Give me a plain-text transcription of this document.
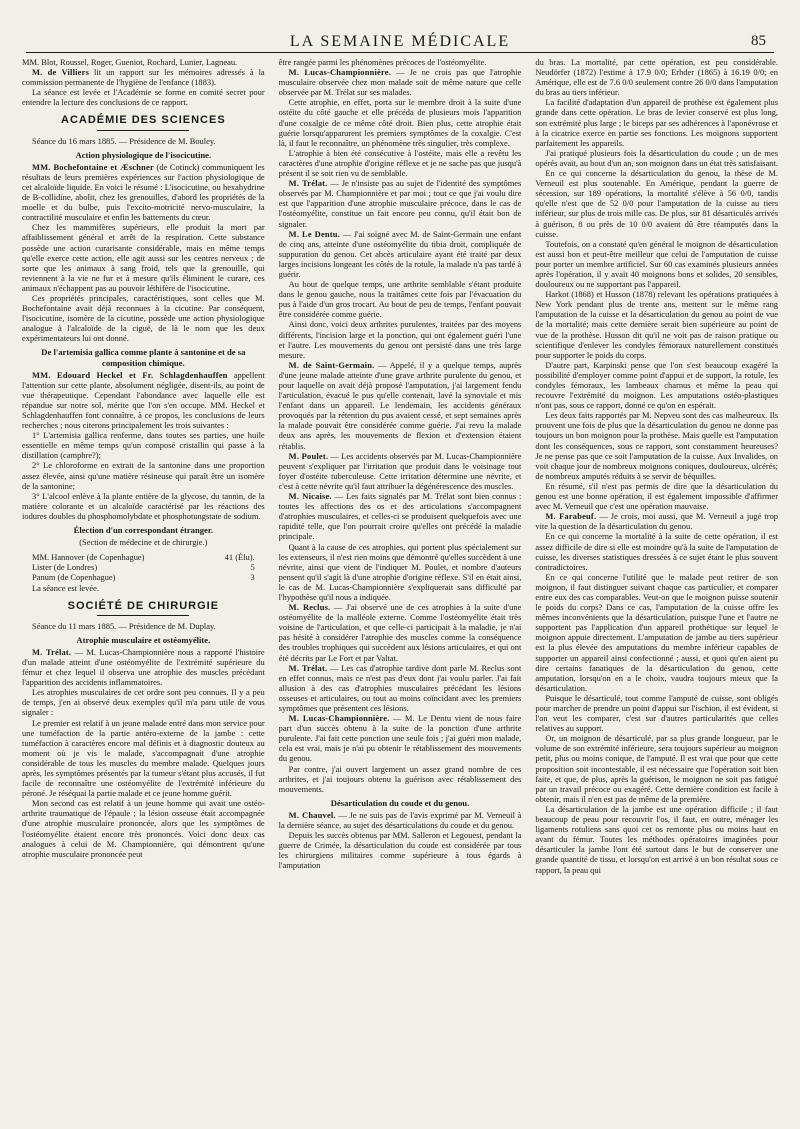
LA SEMAINE MÉDICALE	85

MM. Blot, Roussel, Roger, Gueniot, Rochard, Lunier, Lagneau.

M. de Villiers lit un rapport sur les mémoires adressés à la commission permanente de l'hygiène de l'enfance (1883).

La séance est levée et l'Académie se forme en comité secret pour entendre la lecture des conclusions de ce rapport.

ACADÉMIE DES SCIENCES

Séance du 16 mars 1885. — Présidence de M. Bouley.

Action physiologique de l'isocicutine.

MM. Bochefontaine et Æschner (de Cotinck) communiquent les résultats de leurs premières expériences sur l'action physiologique de cet alcaloïde liquide. En voici le résumé : L'isocicutine, ou hexahydrine de B-collidine, abolit, chez les grenouilles, d'abord les propriétés de la moelle et du bulbe, puis l'excito-motricité nervo-musculaire, la contractilité musculaire et enfin les battements du cœur.

Chez les mammifères supérieurs, elle produit la mort par affaiblissement général et arrêt de la respiration. Cette substance possède une action curarisante considérable, mais en même temps qu'elle exerce cette action, elle agit aussi sur les centres nerveux ; de sorte que les animaux à sang froid, tels que la grenouille, qui reviennent à la vie ne fur et à mesure qu'ils éliminent le curare, ces animaux n'échappent pas au pouvoir léthifère de l'isocicutine.

Ces propriétés principales, caractéristiques, sont celles que M. Bochefontaine avait déjà reconnues à la cicutine. Par conséquent, l'isocicutine, isomère de la cicutine, possède une action physiologique analogue à l'alcaloïde de la ciguë, de là le nom que les deux expérimentateurs lui ont donné.

De l'artemisia gallica comme plante à santonine et de sa composition chimique.

MM. Edouard Heckel et Fr. Schlagdenhauffen appellent l'attention sur cette plante, absolument négligée, disent-ils, au point de vue thérapeutique. Cependant l'abondance avec laquelle elle est répandue sur notre sol, mérite que l'on s'en occupe. MM. Heckel et Schlagdenhauffen font connaître, à ce propos, les conclusions de leurs recherches ; nous citerons principalement les trois suivantes :

1° L'artemisia gallica renferme, dans toutes ses parties, une huile essentielle en même temps qu'un composé cristallin qui passe à la distillation (camphre?);

2° Le chloroforme en extrait de la santonine dans une proportion assez élevée, ainsi qu'une matière résineuse qui paraît être un isomère de la santonine;

3° L'alcool enlève à la plante entière de la glycose, du tannin, de la matière colorante et un alcaloïde caractérisé par les réactions des iodures doubles du phosphomolybdate et phosphotungstate de sodium.

Élection d'un correspondant étranger.

(Section de médecine et de chirurgie.)

MM. Hannover (de Copenhague)	41 (Élu).
Lister (de Londres)	5
Panum (de Copenhague)	3

La séance est levée.

SOCIÉTÉ DE CHIRURGIE

Séance du 11 mars 1885. — Présidence de M. Duplay.

Atrophie musculaire et ostéomyélite.

M. Trélat. — M. Lucas-Championnière nous a rapporté l'histoire d'un malade atteint d'une ostéomyélite de l'extrémité supérieure du fémur et chez lequel il observa une atrophie des muscles précédant l'apparition des accidents inflammatoires.

Les atrophies musculaires de cet ordre sont peu connues. Il y a peu de temps, j'en ai observé deux exemples qu'il m'a paru utile de vous signaler :

Le premier est relatif à un jeune malade entré dans mon service pour une tuméfaction de la partie antéro-externe de la jambe : cette tuméfaction à caractères encore mal définis et à diagnostic douteux au moment où je vis le malade, s'accompagnait d'une atrophie considérable de tous les muscles du membre malade. Quelques jours après, les symptômes présentés par la tumeur s'étant plus accusés, il fut facile de reconnaître une ostéomyélite de l'extrémité inférieure du péroné. Je réséquai la partie malade et ce jeune homme guérit.

Mon second cas est relatif à un jeune homme qui avait une ostéo-arthrite traumatique de l'épaule ; la lésion osseuse était accompagnée d'une atrophie musculaire prononcée, alors que les symptômes de l'ostéomyélite étaient encore très prononcés. Voici donc deux cas analogues à celui de M. Championnière, qui démontrent qu'une atrophie musculaire prononcée peut

être rangée parmi les phénomènes précoces de l'ostéomyélite.

M. Lucas-Championnière. — Je ne crois pas que l'atrophie musculaire observée chez mon malade soit de même nature que celle observée par M. Trélat sur ses malades.

Cette atrophie, en effet, porta sur le membre droit à la suite d'une ostéite du côté gauche et elle précéda de plusieurs mois l'apparition d'une coxalgie de ce même côté droit. Bien plus, cette atrophie était guérie lorsqu'apparurent les premiers symptômes de la coxalgie. C'est là, il faut le reconnaître, un phénomène très singulier, très complexe.

L'atrophie à bien été consécutive à l'ostéite, mais elle a revêtu les caractères d'une atrophie d'origine réflexe et je ne sache pas que jusqu'à présent il se soit rien vu de semblable.

M. Trélat. — Je n'insiste pas au sujet de l'identité des symptômes observés par M. Championnière et par moi ; tout ce que j'ai voulu dire est que l'apparition d'une atrophie musculaire précoce, dans le cas de l'ostéomyélite, constitue un fait encore peu connu, qu'il était bon de signaler.

M. Le Dentu. — J'ai soigné avec M. de Saint-Germain une enfant de cinq ans, atteinte d'une ostéomyélite du tibia droit, compliquée de suppuration du genou. Cet abcès articulaire ayant été traité par deux larges incisions longeant les côtés de la rotule, la malade n'a pas tardé à guérir.

Au bout de quelque temps, une arthrite semblable s'étant produite dans le genou gauche, nous la traitâmes cette fois par l'évacuation du pus à l'aide d'un gros trocart. Au bout de peu de temps, l'enfant pouvait être considérée comme guérie.

Ainsi donc, voici deux arthrites purulentes, traitées par des moyens différents, l'incision large et la ponction, qui ont également guéri l'une et l'autre. Les mouvements du genou ont persisté dans une très large mesure.

M. de Saint-Germain. — Appelé, il y a quelque temps, auprès d'une jeune malade atteinte d'une grave arthrite purulente du genou, et pour laquelle on avait déjà proposé l'amputation, j'ai largement fendu l'articulation, évacué le pus qu'elle contenait, lavé la synoviale et mis l'enfant dans un appareil. Le lendemain, les accidents généraux provoqués par la rétention du pus avaient cessé, et sept semaines après la malade pouvait être considérée comme guérie. J'ai revu la malade deux ans après, les mouvements de flexion et d'extension étaient rétablis.

M. Poulet. — Les accidents observés par M. Lucas-Championnière peuvent s'expliquer par l'irritation que produit dans le voisinage tout foyer d'ostéite tuberculeuse. Cette irritation détermine une névrite, et c'est à cette névrite qu'il faut attribuer la dégénérescence des muscles.

M. Nicaise. — Les faits signalés par M. Trélat sont bien connus : toutes les affections des os et des articulations s'accompagnent d'atrophies musculaires, et celles-ci se produisent quelquefois avec une rapidité telle, que l'on pourrait croire qu'elles ont précédé la maladie principale.

Quant à la cause de ces atrophies, qui portent plus spécialement sur les extenseurs, il n'est rien moins que démontré qu'elles succèdent à une névrite, ainsi que vient de l'indiquer M. Poulet, et nombre d'auteurs pensent qu'il s'agit là d'une atrophie d'origine réflexe. S'il en était ainsi, le cas de M. Lucas-Championnière s'expliquerait sans difficulté par l'hypothèse qu'il nous a indiquée.

M. Reclus. — J'ai observé une de ces atrophies à la suite d'une ostéomyélite de la malléole externe. Comme l'ostéomyélite était très voisine de l'articulation, et que celle-ci participait à la maladie, je n'ai pas hésité à considérer l'atrophie des muscles comme la conséquence des troubles trophiques qui succèdent aux lésions articulaires, et qui ont été décrits par Le Fort et par Valtat.

M. Trélat. — Les cas d'atrophie tardive dont parle M. Reclus sont en effet connus, mais ce n'est pas d'eux dont j'ai voulu parler. J'ai fait allusion à des cas d'atrophies musculaires précédant les lésions osseuses et articulaires, ou tout au moins coïncidant avec les premiers symptômes que présentent ces lésions.

M. Lucas-Championnière. — M. Le Dentu vient de nous faire part d'un succès obtenu à la suite de la ponction d'une arthrite purulente. J'ai fait cette ponction une seule fois ; j'ai guéri mon malade, cela est vrai, mais je n'ai pu obtenir le rétablissement des mouvements du genou.

Par contre, j'ai ouvert largement un assez grand nombre de ces arthrites, et j'ai toujours obtenu la guérison avec rétablissement des mouvements.

Désarticulation du coude et du genou.

M. Chauvel. — Je ne suis pas de l'avis exprimé par M. Verneuil à la dernière séance, au sujet des désarticulations du coude et du genou.

Depuis les succès obtenus par MM. Salleron et Legouest, pendant la guerre de Crimée, la désarticulation du coude est considérée par tous les chirurgiens militaires comme supérieure à tous égards à l'amputation

du bras. La mortalité, par cette opération, est peu considérable. Neudörfer (1872) l'estime à 17.9 0/0; Erhder (1865) à 16.19 0/0; en Amérique, elle est de 7.6 0/0 seulement contre 26 0/0 dans l'amputation du bras au tiers inférieur.

La facilité d'adaptation d'un appareil de prothèse est également plus grande dans cette opération. Le bras de levier conservé est plus long, son extrémité plus large ; le biceps par ses adhérences à l'aponévrose et à la cicatrice exerce en partie ses fonctions. Les moignons supportent parfaitement les appareils.

J'ai pratiqué plusieurs fois la désarticulation du coude ; un de mes opérés avait, au bout d'un an, son moignon dans un état très satisfaisant.

En ce qui concerne la désarticulation du genou, la thèse de M. Verneuil est plus soutenable. En Amérique, pendant la guerre de sécession, sur 189 opérations, la mortalité s'élève à 56 0/0, tandis qu'elle n'est que de 52 0/0 pour l'amputation de la cuisse au tiers inférieur, sur plus de trois mille cas. De plus, sur 81 désarticulés arrivés à guérison, 8 ou près de 10 0/0 avaient dû être réamputés dans la cuisse.

Toutefois, on a constaté qu'en général le moignon de désarticulation est aussi bon et peut-être meilleur que celui de l'amputation de cuisse pour porter un membre artificiel. Sur 60 cas examinés plusieurs années après l'opération, il y avait 40 moignons bons et solides, 20 sensibles, douloureux ou ne supportant pas l'appareil.

Harkot (1868) et Husson (1878) relevant les opérations pratiquées à New York pendant plus de trente ans, mettent sur le même rang l'amputation de la cuisse et la désarticulation du genou au point de vue de la mortalité; mais cette dernière serait bien supérieure au point de vue de la prothèse. Husson dit qu'il ne voit pas de raison pratique ou scientifique d'enlever les condyles fémoraux naturellement constitués pour supporter le poids du corps.

D'autre part, Karpinski pense que l'on s'est beaucoup exagéré la possibilité d'employer comme point d'appui et de support, la rotule, les condyles fémoraux, les lambeaux charnus et même la peau qui recouvre l'extrémité du moignon. Les amputations ostéo-plastiques n'ont pas, sous ce rapport, donné ce qu'on en espérait.

Les deux faits rapportés par M. Nepveu sont des cas malheureux. Ils prouvent une fois de plus que la désarticulation du genou ne donne pas toujours un bon moignon pour la prothèse. Mais quelle est l'amputation dont les conséquences, sous ce rapport, sont constamment heureuses? Je ne pense pas que ce soit l'amputation de la cuisse. Aux Invalides, on voit chaque jour de nombreux moignons coniques, douloureux, ulcérés; de nombreux amputés réduits à se servir de béquilles.

En résumé, s'il n'est pas permis de dire que la désarticulation du genou est une bonne opération, il est également impossible d'affirmer avec M. Verneuil que c'est une opération mauvaise.

M. Farabeuf. — Je crois, moi aussi, que M. Verneuil a jugé trop vite la question de la désarticulation du genou.

En ce qui concerne la mortalité à la suite de cette opération, il est assez difficile de dire si elle est moindre qu'à la suite de l'amputation de cuisse, les diverses statistiques dressées à ce sujet étant le plus souvent contradictoires.

En ce qui concerne l'utilité que le malade peut retirer de son moignon, il faut distinguer suivant chaque cas particulier, et comparer entre eux des cas comparables. Veut-on que le moignon puisse soutenir le poids du corps? Dans ce cas, l'amputation de la cuisse offre les mêmes inconvénients que la désarticulation, puisque l'une et l'autre ne supportent pas l'application d'un appareil prothétique sur lequel le moignon appuie directement. L'amputation de jambe au tiers supérieur est la plus élevée des amputations du membre inférieur capables de supporter un appareil ainsi confectionné ; aussi, et quoi qu'en aient pu dire certains fanatiques de la désarticulation du genou, cette amputation, lorsqu'on en a le choix, vaudra toujours mieux que la désarticulation.

Puisque le désarticulé, tout comme l'amputé de cuisse, sont obligés pour marcher de prendre un point d'appui sur l'ischion, il est évident, si l'on veut les comparer, c'est sur d'autres particularités que celles relatives au support.

Or, un moignon de désarticulé, par sa plus grande longueur, par le volume de son extrémité inférieure, sera toujours supérieur au moignon petit, plus ou moins conique, de l'amputé. Il est vrai que pour que cette proposition soit incontestable, il est nécessaire que l'opération soit bien faite, et que, de plus, après la guérison, le moignon ne soit pas fatigué par un travail précoce ou exagéré. Cette dernière condition est facile à obtenir, mais il n'en est pas de même de la première.

La désarticulation de la jambe est une opération difficile ; il faut beaucoup de peau pour recouvrir l'os, il faut, en outre, ménager les ligaments rotuliens sans quoi cet os remonte plus ou moins haut en avant du fémur. Toutes les méthodes opératoires imaginées pour désarticuler la jambe l'ont été surtout dans le but de conserver une grande quantité de tissu, et lorsqu'on est arrivé à un bon résultat sous ce rapport, la peau qui
